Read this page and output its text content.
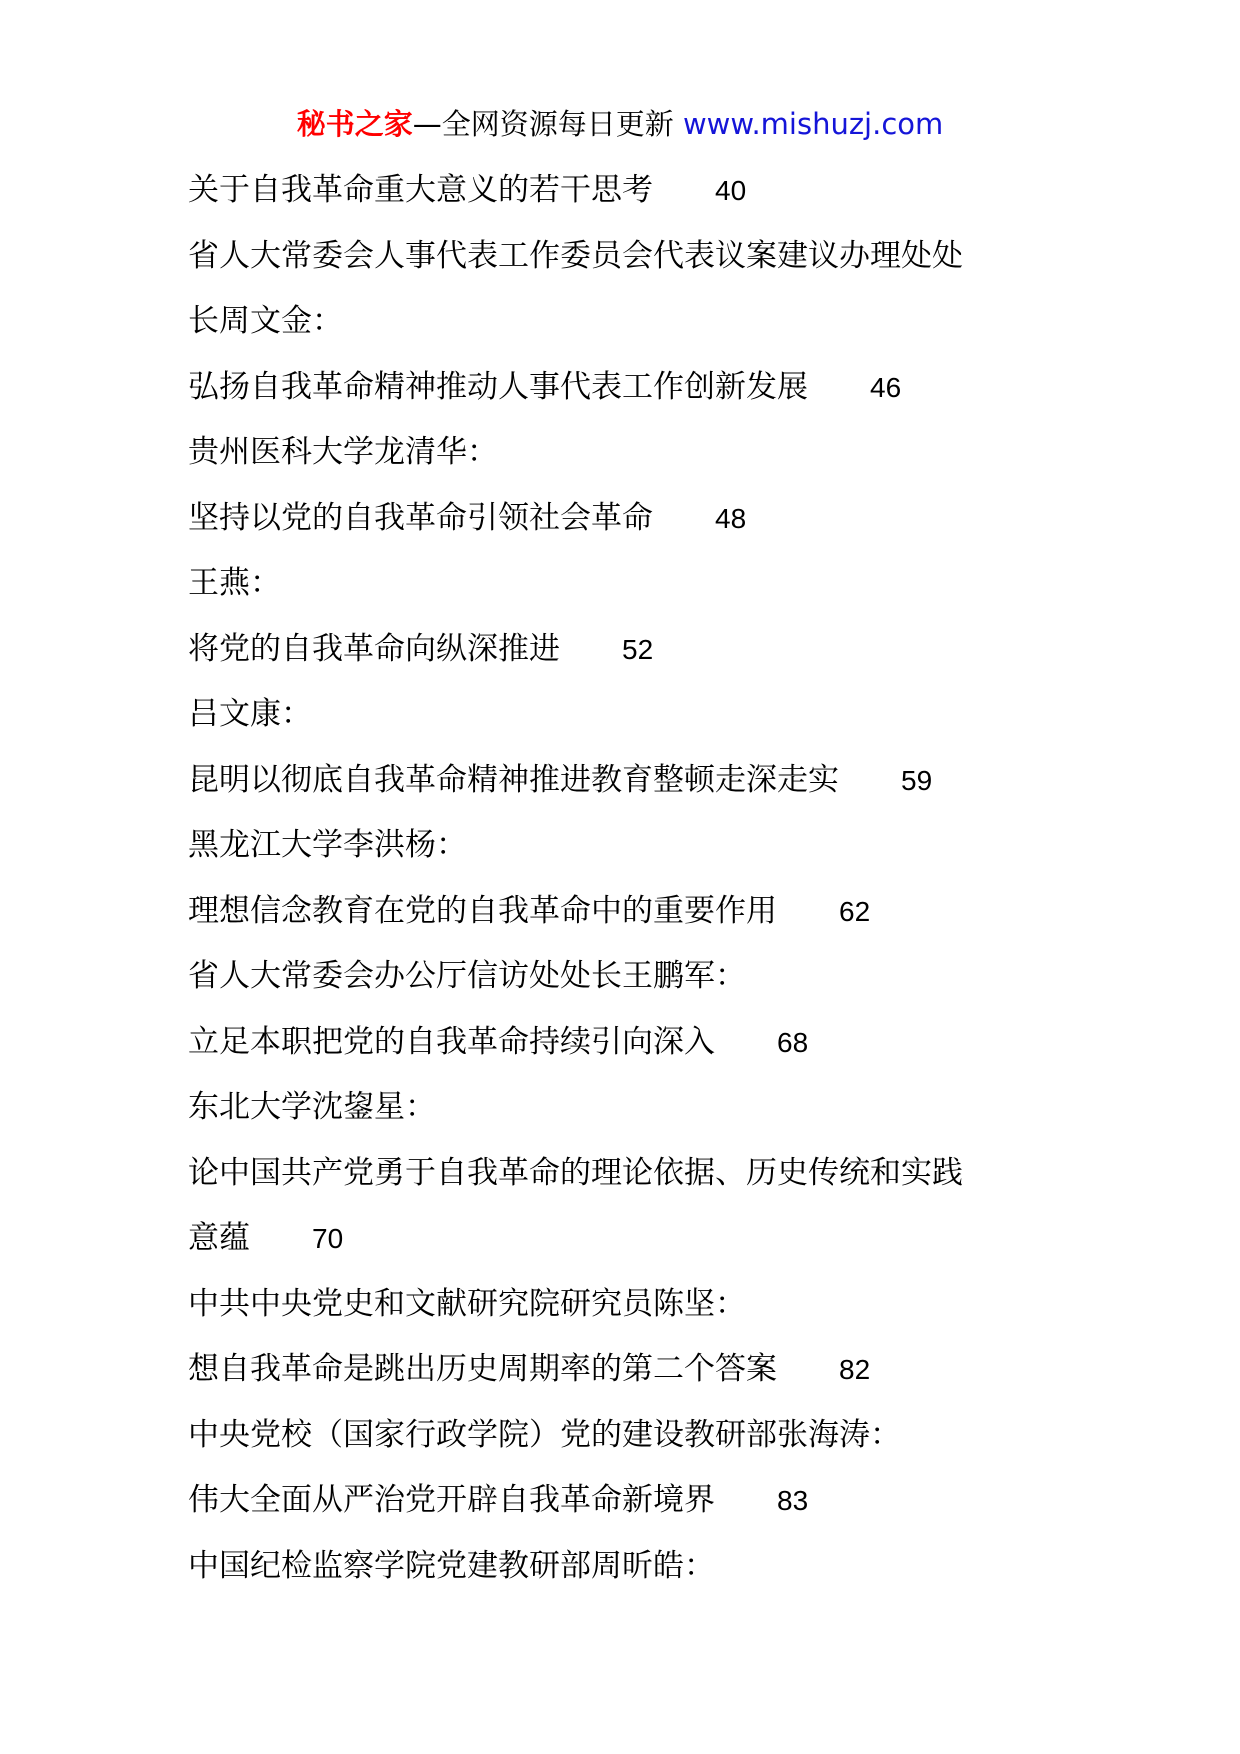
秘书之家—全网资源每日更新 www.mishuzj.com
关于自我革命重大意义的若干思考 40
省人大常委会人事代表工作委员会代表议案建议办理处处
长周文金：
弘扬自我革命精神推动人事代表工作创新发展 46
贵州医科大学龙清华：
坚持以党的自我革命引领社会革命 48
王燕：
将党的自我革命向纵深推进 52
吕文康：
昆明以彻底自我革命精神推进教育整顿走深走实 59
黑龙江大学李洪杨：
理想信念教育在党的自我革命中的重要作用 62
省人大常委会办公厅信访处处长王鹏军：
立足本职把党的自我革命持续引向深入 68
东北大学沈鋆星：
论中国共产党勇于自我革命的理论依据、历史传统和实践
意蕴 70
中共中央党史和文献研究院研究员陈坚：
想自我革命是跳出历史周期率的第二个答案 82
中央党校（国家行政学院）党的建设教研部张海涛：
伟大全面从严治党开辟自我革命新境界 83
中国纪检监察学院党建教研部周昕皓：
